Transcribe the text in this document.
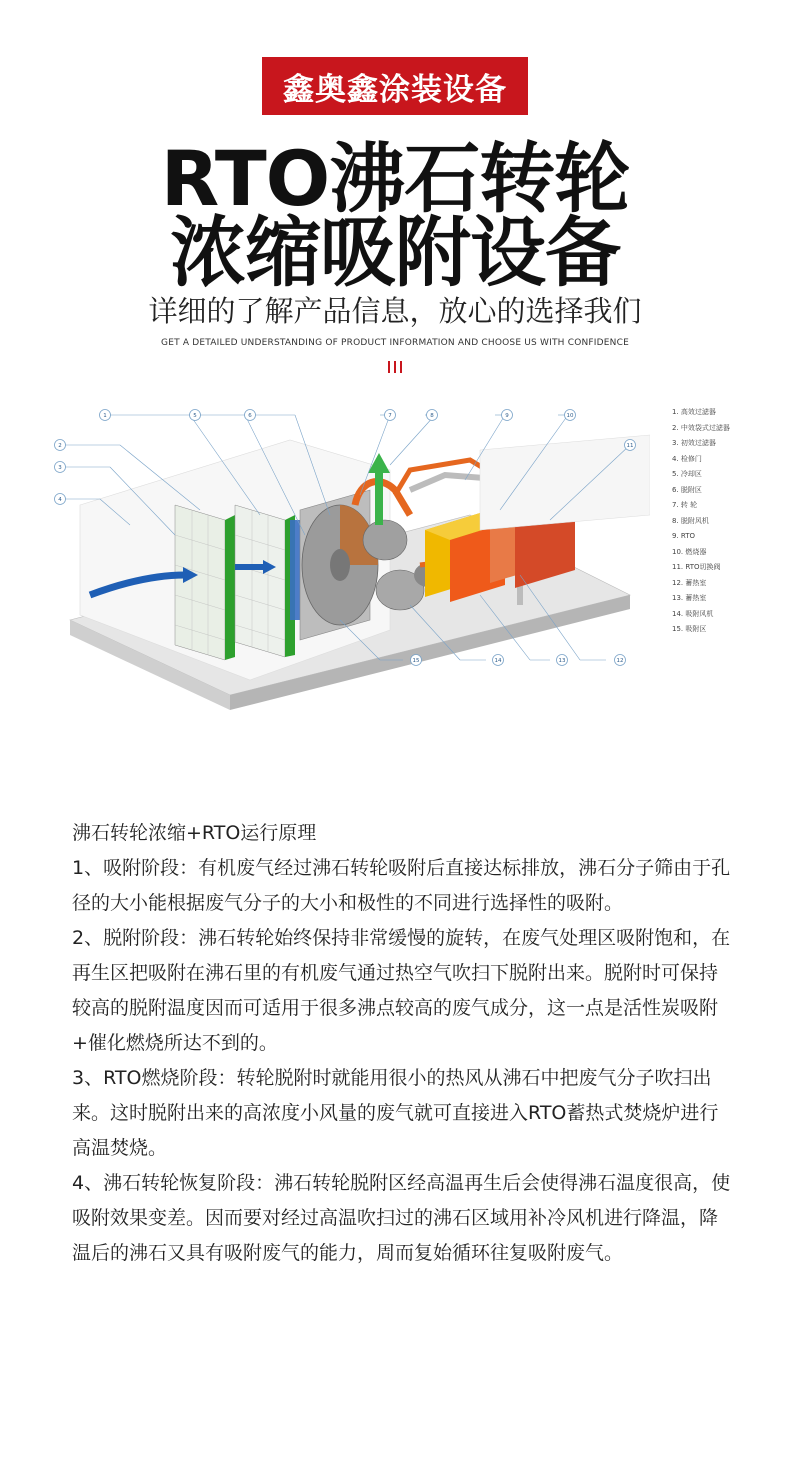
鑫奥鑫涂装设备
RTO沸石转轮
浓缩吸附设备
详细的了解产品信息，放心的选择我们
GET A DETAILED UNDERSTANDING OF PRODUCT INFORMATION AND CHOOSE US WITH CONFIDENCE
1
2
3
4
5	6	7	8	9	10
11
12
13
14
15
1. 高效过滤器
2. 中效袋式过滤器
3. 初效过滤器
4. 检修门
5. 冷却区
6. 脱附区
7. 转 轮
8. 脱附风机
9. RTO
10. 燃烧器
11. RTO切换阀
12. 蓄热室
13. 蓄热室
14. 吸附风机
15. 吸附区

沸石转轮浓缩+RTO运行原理

1、吸附阶段：有机废气经过沸石转轮吸附后直接达标排放，沸石分子筛由于孔径的大小能根据废气分子的大小和极性的不同进行选择性的吸附。

2、脱附阶段：沸石转轮始终保持非常缓慢的旋转，在废气处理区吸附饱和，在再生区把吸附在沸石里的有机废气通过热空气吹扫下脱附出来。脱附时可保持较高的脱附温度因而可适用于很多沸点较高的废气成分，这一点是活性炭吸附+催化燃烧所达不到的。

3、RTO燃烧阶段：转轮脱附时就能用很小的热风从沸石中把废气分子吹扫出来。这时脱附出来的高浓度小风量的废气就可直接进入RTO蓄热式焚烧炉进行高温焚烧。

4、沸石转轮恢复阶段：沸石转轮脱附区经高温再生后会使得沸石温度很高，使吸附效果变差。因而要对经过高温吹扫过的沸石区域用补冷风机进行降温，降温后的沸石又具有吸附废气的能力，周而复始循环往复吸附废气。
